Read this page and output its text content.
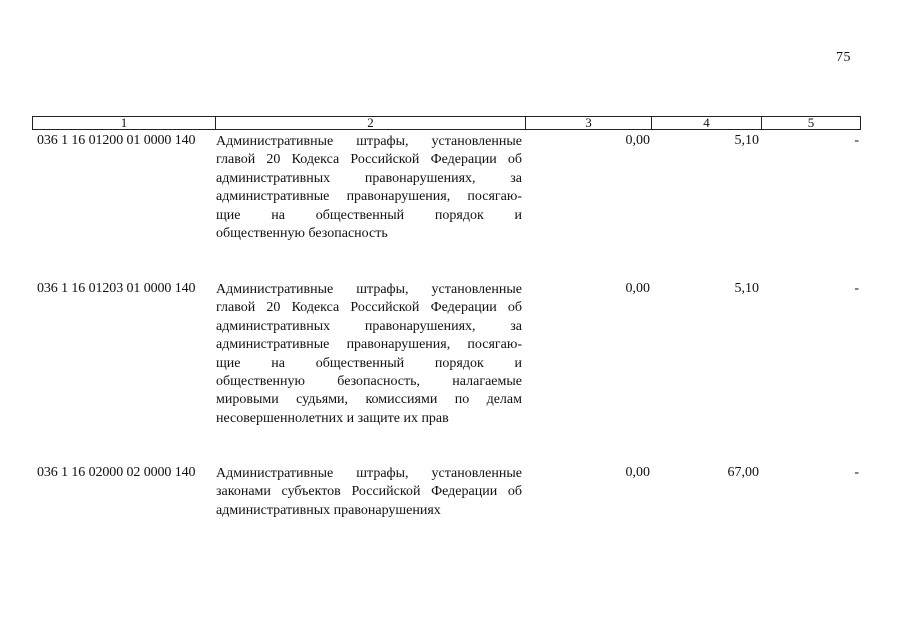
75
1	2	3	4	5
036 1 16 01200 01 0000 140	Административные штрафы, установленные
главой 20 Кодекса Российской Федерации об
административных правонарушениях, за
административные правонарушения, посягаю-
щие на общественный порядок и
общественную безопасность
0,00	5,10	-
036 1 16 01203 01 0000 140	Административные штрафы, установленные
главой 20 Кодекса Российской Федерации об
административных правонарушениях, за
административные правонарушения, посягаю-
щие на общественный порядок и
общественную безопасность, налагаемые
мировыми судьями, комиссиями по делам
несовершеннолетних и защите их прав
0,00	5,10	-
036 1 16 02000 02 0000 140	Административные штрафы, установленные
законами субъектов Российской Федерации об
административных правонарушениях
0,00	67,00	-
